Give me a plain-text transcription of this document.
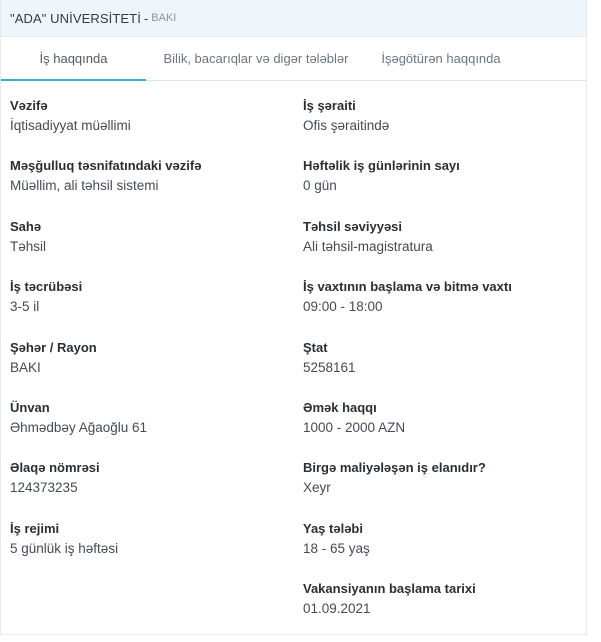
"ADA" UNİVERSİTETİ - BAKI
İş haqqında	Bilik, bacarıqlar və digər tələblər	İşəgötürən haqqında
Vəzifə
İqtisadiyyat müəllimi
İş şəraiti
Ofis şəraitində
Məşğulluq təsnifatındaki vəzifə
Müəllim, ali təhsil sistemi
Həftəlik iş günlərinin sayı
0 gün
Sahə
Təhsil
Təhsil səviyyəsi
Ali təhsil-magistratura
İş təcrübəsi
3-5 il
İş vaxtının başlama və bitmə vaxtı
09:00 - 18:00
Şəhər / Rayon
BAKI
Ştat
5258161
Ünvan
Əhmədbəy Ağaoğlu 61
Əmək haqqı
1000 - 2000 AZN
Əlaqə nömrəsi
124373235
Birgə maliyələşən iş elanıdır?
Xeyr
İş rejimi
5 günlük iş həftəsi
Yaş tələbi
18 - 65 yaş
Vakansiyanın başlama tarixi
01.09.2021
